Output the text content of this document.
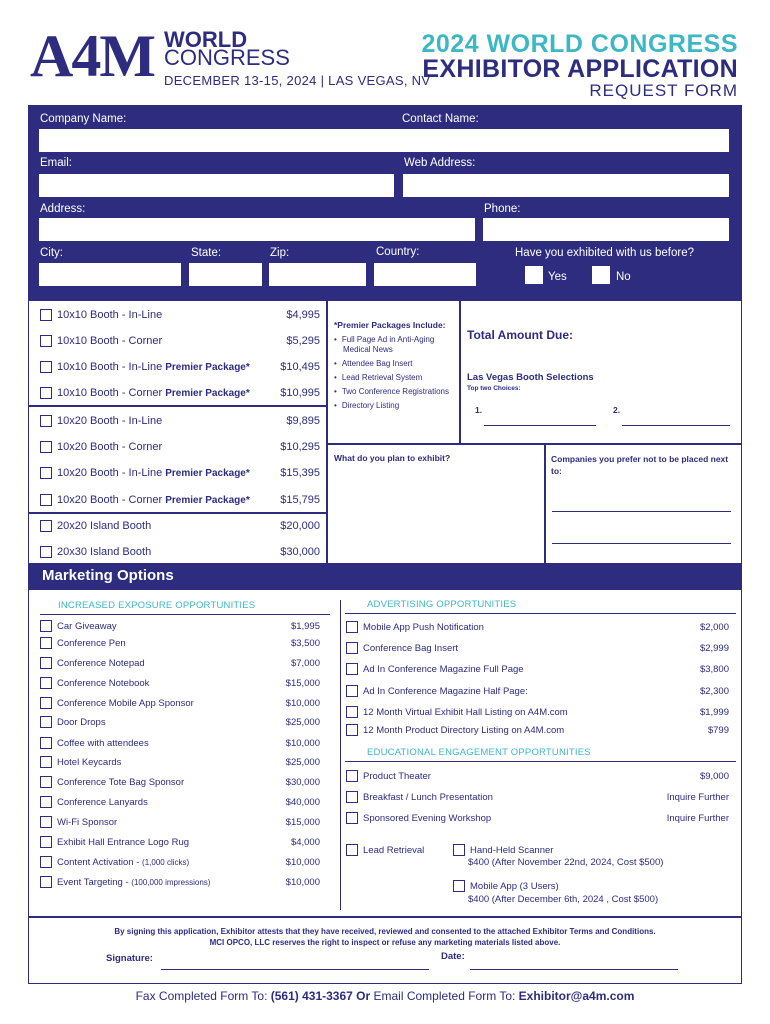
A4M WORLD
CONGRESS
DECEMBER 13-15, 2024 | LAS VEGAS, NV
2024 WORLD CONGRESS
EXHIBITOR APPLICATION
REQUEST FORM
Company Name:	Contact Name:
Email:	Web Address:
Address:	Phone:
City:	State:	Zip:	Country:	Have you exhibited with us before?
Yes	No
10x10 Booth - In-Line	$4,995
10x10 Booth - Corner	$5,295
10x10 Booth - In-Line Premier Package*	$10,495
10x10 Booth - Corner Premier Package*	$10,995
10x20 Booth - In-Line	$9,895
10x20 Booth - Corner	$10,295
10x20 Booth - In-Line Premier Package*	$15,395
10x20 Booth - Corner Premier Package*	$15,795
20x20 Island Booth	$20,000
20x30 Island Booth	$30,000
*Premier Packages Include:
• Full Page Ad in Anti-Aging
Medical News
• Attendee Bag Insert
• Lead Retrieval System
• Two Conference Registrations
• Directory Listing
Total Amount Due:
Las Vegas Booth Selections
Top two Choices:
1.	2.
What do you plan to exhibit?	Companies you prefer not to be placed next to:
Marketing Options
INCREASED EXPOSURE OPPORTUNITIES	ADVERTISING OPPORTUNITIES
EDUCATIONAL ENGAGEMENT OPPORTUNITIES
Car Giveaway	$1,995
Conference Pen	$3,500
Conference Notepad	$7,000
Conference Notebook	$15,000
Conference Mobile App Sponsor	$10,000
Door Drops	$25,000
Coffee with attendees	$10,000
Hotel Keycards	$25,000
Conference Tote Bag Sponsor	$30,000
Conference Lanyards	$40,000
Wi-Fi Sponsor	$15,000
Exhibit Hall Entrance Logo Rug	$4,000
Content Activation - (1,000 clicks)	$10,000
Event Targeting - (100,000 impressions)	$10,000
Mobile App Push Notification	$2,000
Conference Bag Insert	$2,999
Ad In Conference Magazine Full Page	$3,800
Ad In Conference Magazine Half Page:	$2,300
12 Month Virtual Exhibit Hall Listing on A4M.com	$1,999
12 Month Product Directory Listing on A4M.com	$799
Product Theater	$9,000
Breakfast / Lunch Presentation	Inquire Further
Sponsored Evening Workshop	Inquire Further
Lead Retrieval	Hand-Held Scanner
$400 (After November 22nd, 2024, Cost $500)
Mobile App (3 Users)
$400 (After December 6th, 2024 , Cost $500)
By signing this application, Exhibitor attests that they have received, reviewed and consented to the attached Exhibitor Terms and Conditions.
MCI OPCO, LLC reserves the right to inspect or refuse any marketing materials listed above.
Signature:	Date:
Fax Completed Form To: (561) 431-3367 Or Email Completed Form To: Exhibitor@a4m.com
